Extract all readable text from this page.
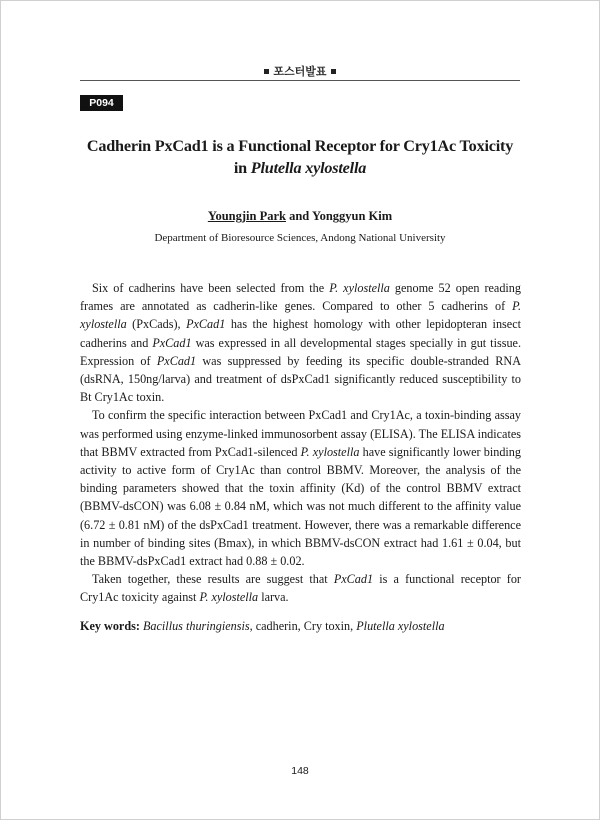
포스터발표
P094
Cadherin PxCad1 is a Functional Receptor for Cry1Ac Toxicity
in Plutella xylostella
Youngjin Park and Yonggyun Kim
Department of Bioresource Sciences, Andong National University

Six of cadherins have been selected from the P. xylostella genome 52 open reading frames are annotated as cadherin-like genes. Compared to other 5 cadherins of P. xylostella (PxCads), PxCad1 has the highest homology with other lepidopteran insect cadherins and PxCad1 was expressed in all developmental stages specially in gut tissue. Expression of PxCad1 was suppressed by feeding its specific double-stranded RNA (dsRNA, 150ng/larva) and treatment of dsPxCad1 significantly reduced susceptibility to Bt Cry1Ac toxin.

To confirm the specific interaction between PxCad1 and Cry1Ac, a toxin-binding assay was performed using enzyme-linked immunosorbent assay (ELISA). The ELISA indicates that BBMV extracted from PxCad1-silenced P. xylostella have significantly lower binding activity to active form of Cry1Ac than control BBMV. Moreover, the analysis of the binding parameters showed that the toxin affinity (Kd) of the control BBMV extract (BBMV-dsCON) was 6.08 ± 0.84 nM, which was not much different to the affinity value (6.72 ± 0.81 nM) of the dsPxCad1 treatment. However, there was a remarkable difference in number of binding sites (Bmax), in which BBMV-dsCON extract had 1.61 ± 0.04, but the BBMV-dsPxCad1 extract had 0.88 ± 0.02.

Taken together, these results are suggest that PxCad1 is a functional receptor for Cry1Ac toxicity against P. xylostella larva.

Key words: Bacillus thuringiensis, cadherin, Cry toxin, Plutella xylostella
148
